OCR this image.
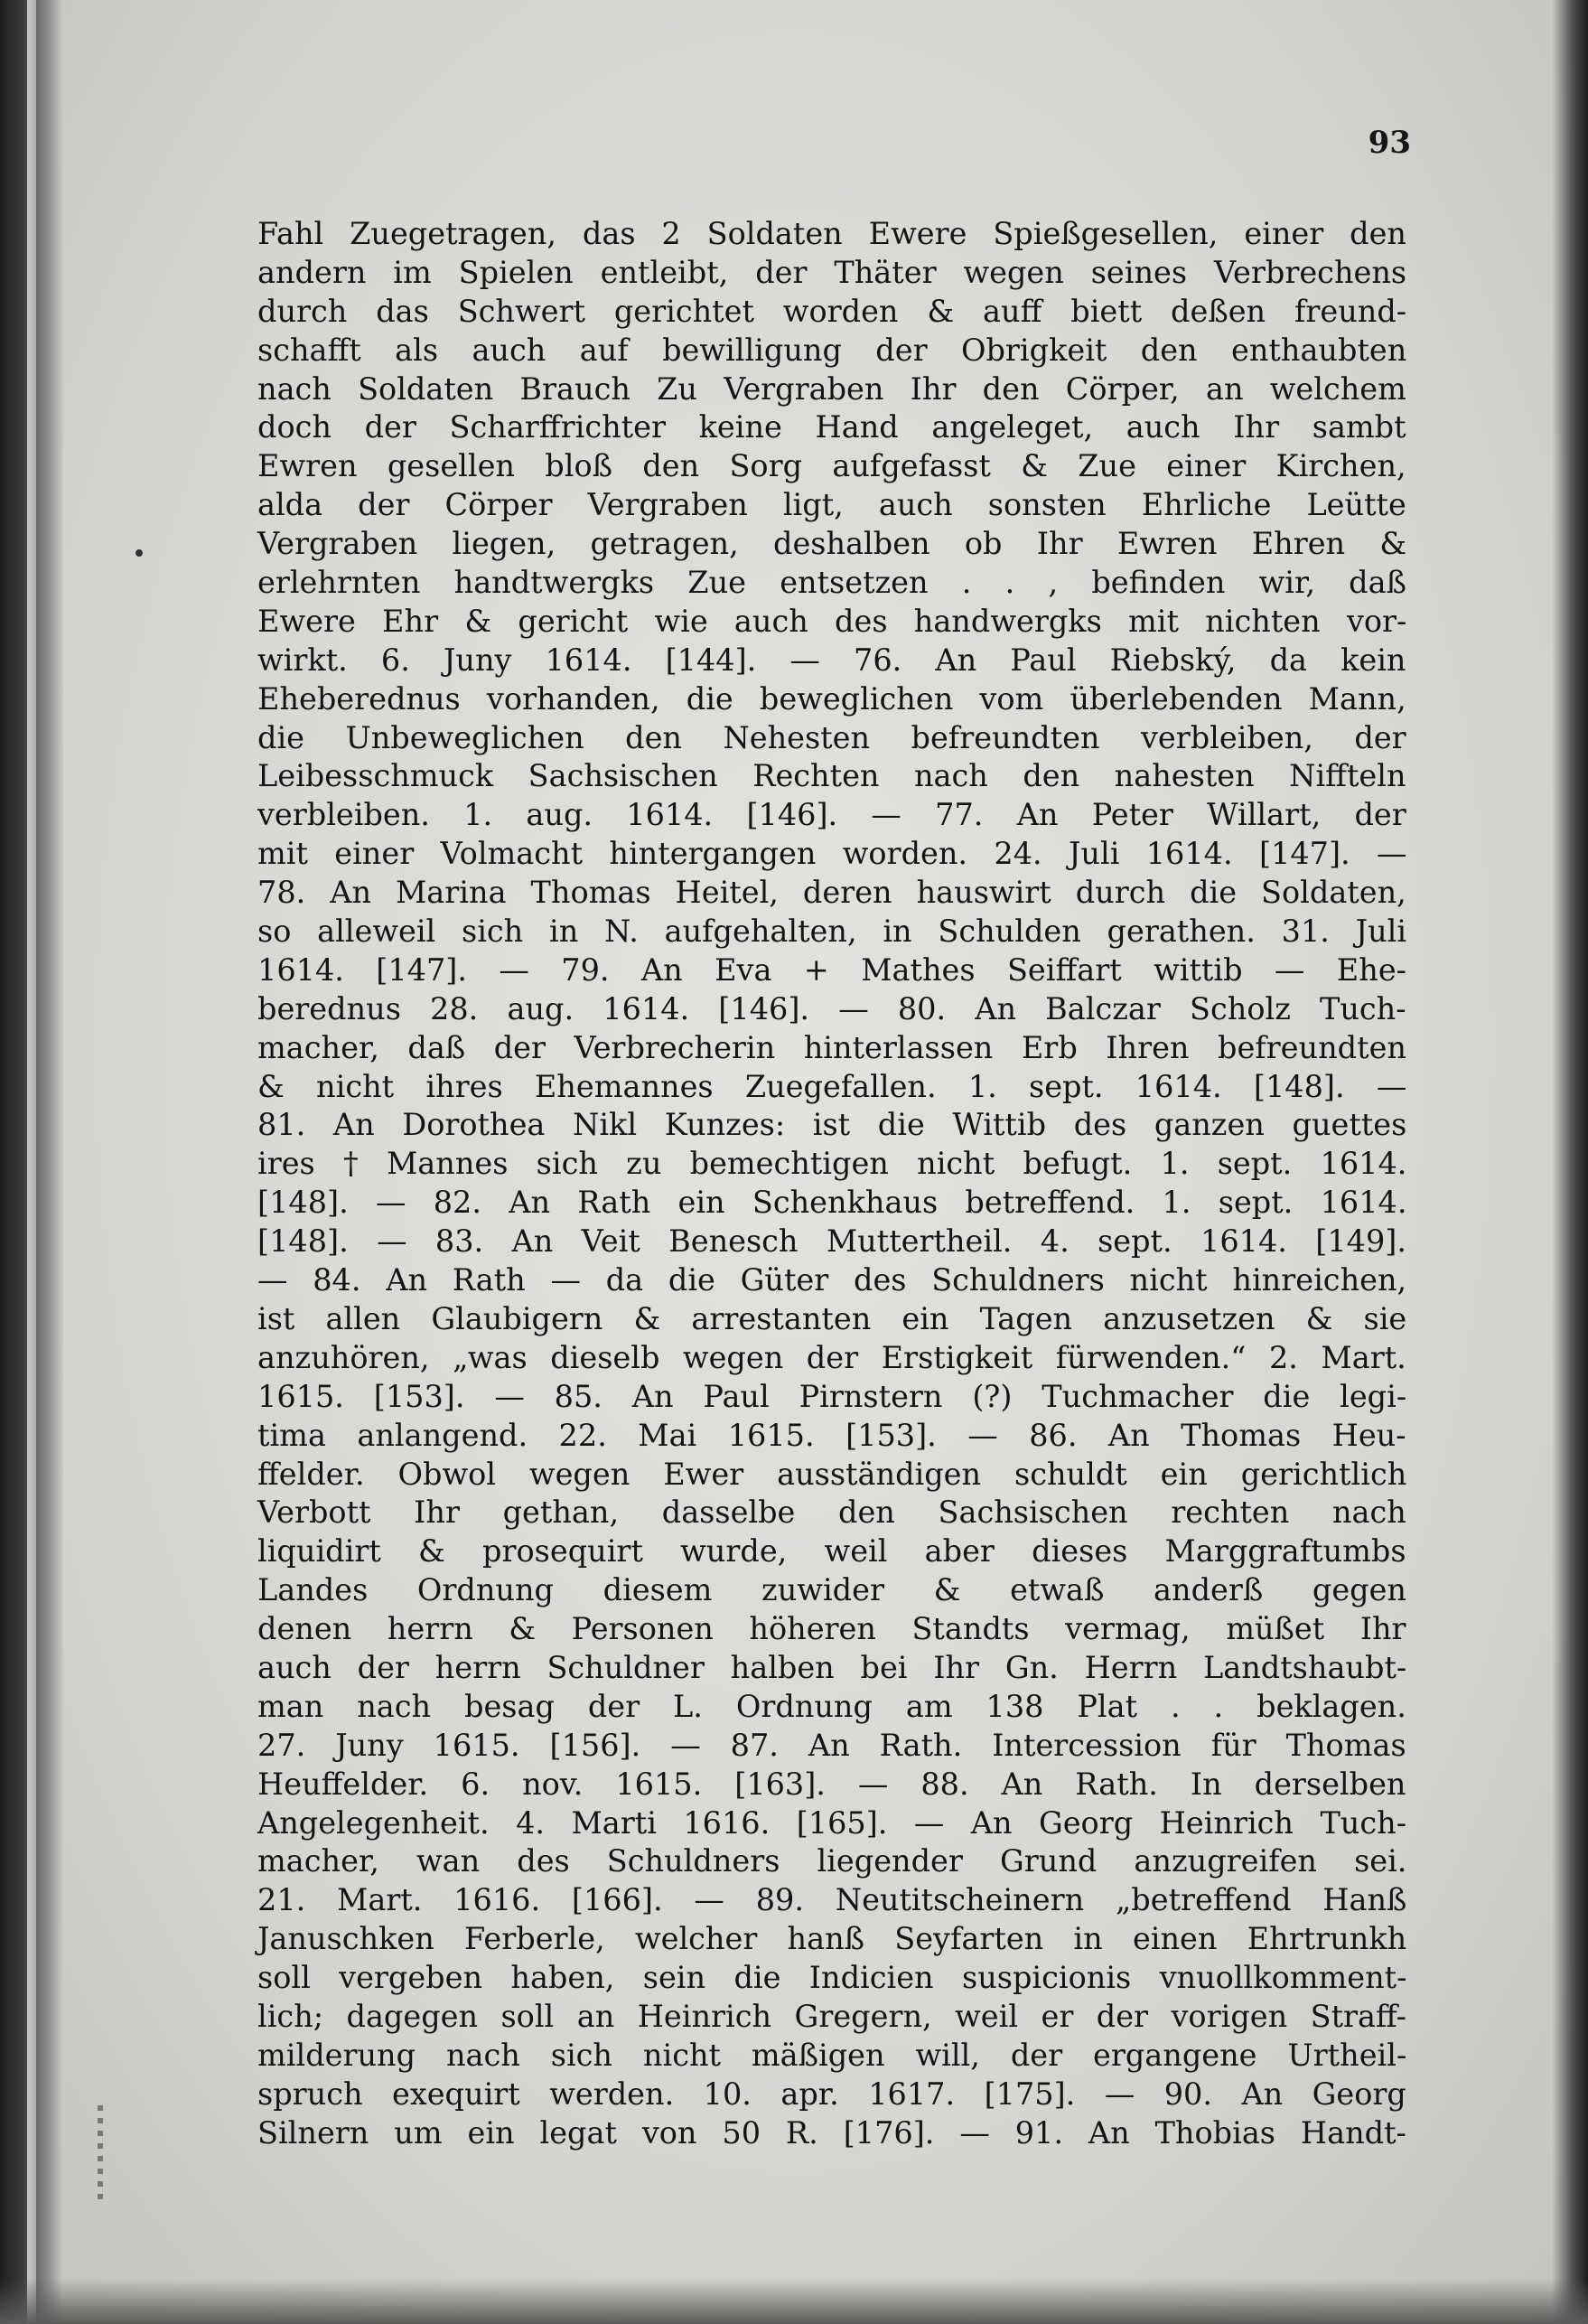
93
Fahl Zuegetragen, das 2 Soldaten Ewere Spießgesellen, einer den
andern im Spielen entleibt, der Thäter wegen seines Verbrechens
durch das Schwert gerichtet worden & auff biett deßen freund-
schafft als auch auf bewilligung der Obrigkeit den enthaubten
nach Soldaten Brauch Zu Vergraben Ihr den Cörper, an welchem
doch der Scharffrichter keine Hand angeleget, auch Ihr sambt
Ewren gesellen bloß den Sorg aufgefasst & Zue einer Kirchen,
alda der Cörper Vergraben ligt, auch sonsten Ehrliche Leütte
Vergraben liegen, getragen, deshalben ob Ihr Ewren Ehren &
erlehrnten handtwergks Zue entsetzen . . , befinden wir, daß
Ewere Ehr & gericht wie auch des handwergks mit nichten vor-
wirkt. 6. Juny 1614. [144]. — 76. An Paul Riebský, da kein
Eheberednus vorhanden, die beweglichen vom überlebenden Mann,
die Unbeweglichen den Nehesten befreundten verbleiben, der
Leibesschmuck Sachsischen Rechten nach den nahesten Niffteln
verbleiben. 1. aug. 1614. [146]. — 77. An Peter Willart, der
mit einer Volmacht hintergangen worden. 24. Juli 1614. [147]. —
78. An Marina Thomas Heitel, deren hauswirt durch die Soldaten,
so alleweil sich in N. aufgehalten, in Schulden gerathen. 31. Juli
1614. [147]. — 79. An Eva + Mathes Seiffart wittib — Ehe-
berednus 28. aug. 1614. [146]. — 80. An Balczar Scholz Tuch-
macher, daß der Verbrecherin hinterlassen Erb Ihren befreundten
& nicht ihres Ehemannes Zuegefallen. 1. sept. 1614. [148]. —
81. An Dorothea Nikl Kunzes: ist die Wittib des ganzen guettes
ires † Mannes sich zu bemechtigen nicht befugt. 1. sept. 1614.
[148]. — 82. An Rath ein Schenkhaus betreffend. 1. sept. 1614.
[148]. — 83. An Veit Benesch Muttertheil. 4. sept. 1614. [149].
— 84. An Rath — da die Güter des Schuldners nicht hinreichen,
ist allen Glaubigern & arrestanten ein Tagen anzusetzen & sie
anzuhören, „was dieselb wegen der Erstigkeit fürwenden.“ 2. Mart.
1615. [153]. — 85. An Paul Pirnstern (?) Tuchmacher die legi-
tima anlangend. 22. Mai 1615. [153]. — 86. An Thomas Heu-
ffelder. Obwol wegen Ewer ausständigen schuldt ein gerichtlich
Verbott Ihr gethan, dasselbe den Sachsischen rechten nach
liquidirt & prosequirt wurde, weil aber dieses Marggraftumbs
Landes Ordnung diesem zuwider & etwaß anderß gegen
denen herrn & Personen höheren Standts vermag, müßet Ihr
auch der herrn Schuldner halben bei Ihr Gn. Herrn Landtshaubt-
man nach besag der L. Ordnung am 138 Plat . . beklagen.
27. Juny 1615. [156]. — 87. An Rath. Intercession für Thomas
Heuffelder. 6. nov. 1615. [163]. — 88. An Rath. In derselben
Angelegenheit. 4. Marti 1616. [165]. — An Georg Heinrich Tuch-
macher, wan des Schuldners liegender Grund anzugreifen sei.
21. Mart. 1616. [166]. — 89. Neutitscheinern „betreffend Hanß
Januschken Ferberle, welcher hanß Seyfarten in einen Ehrtrunkh
soll vergeben haben, sein die Indicien suspicionis vnuollkomment-
lich; dagegen soll an Heinrich Gregern, weil er der vorigen Straff-
milderung nach sich nicht mäßigen will, der ergangene Urtheil-
spruch exequirt werden. 10. apr. 1617. [175]. — 90. An Georg
Silnern um ein legat von 50 R. [176]. — 91. An Thobias Handt-
